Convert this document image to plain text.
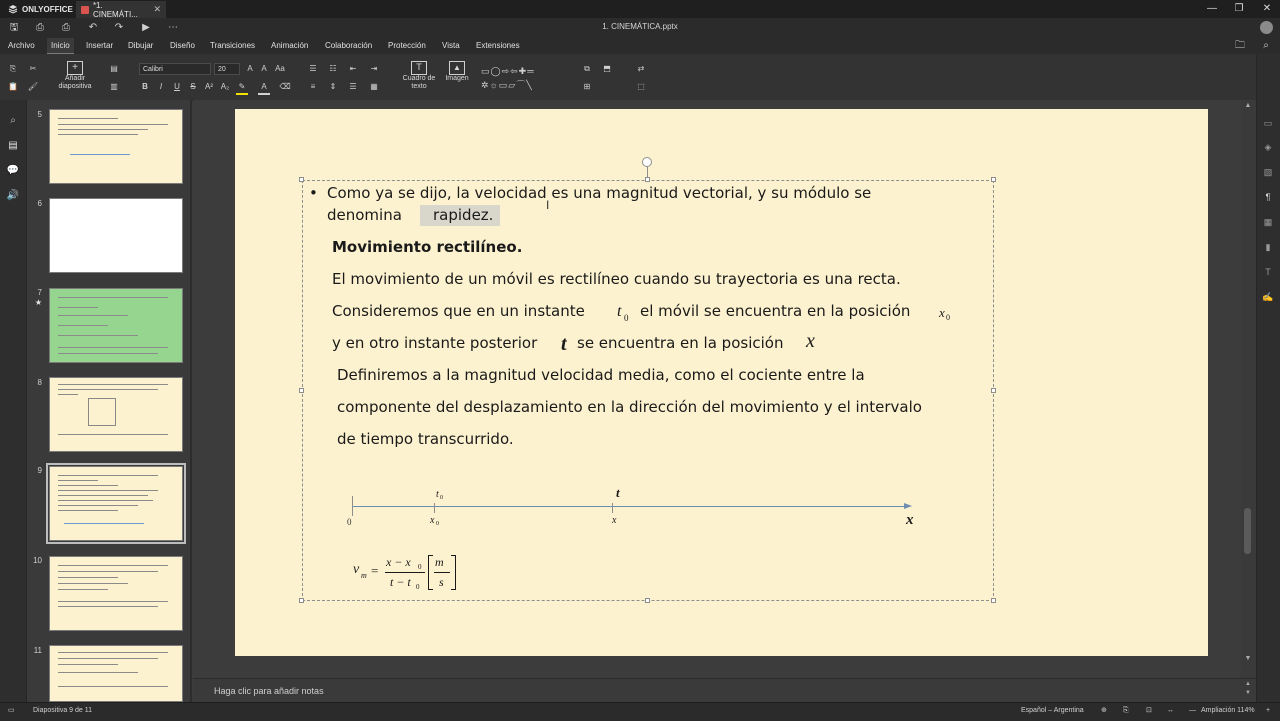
ONLYOFFICE	*1. CINEMÁTI...	✕	—	❐	✕
🖫	⎙	⎙	↶ ↷	▶	⋯	1. CINEMÁTICA.pptx
Archivo	Inicio	Insertar Dibujar Diseño Transiciones Animación Colaboración Protección Vista Extensiones	🗀	⌕
⎘	✂
📋 🖌
+
Añadir
diapositiva
▤
▥
Calibri	20	A	A	Aa
B	I	U	S	A² A₂	✎	A	⌫
☰	☷	⇤	⇥
≡	⇕	☰	▦
T
Cuadro de
texto
▲
Imagen
▭◯⇨⇦✚═
✲☼▭▱⌒╲
⧉	⬒
⊞
⇄
⬚
⌕
▤
💬
🔊
5
6
7
★
8
9
10
11
• Como ya se dijo, la velocidad es una magnitud vectorial, y su módulo se
denomina rapidez.
I
Movimiento rectilíneo.
El movimiento de un móvil es rectilíneo cuando su trayectoria es una recta.
Consideremos que en un instante t 0 el móvil se encuentra en la posición x 0
y en otro instante posterior t se encuentra en la posición x
Definiremos a la magnitud velocidad media, como el cociente entre la
componente del desplazamiento en la dirección del movimiento y el intervalo
de tiempo transcurrido.
0	x 0	x
t 0	t
x
v m =
x − x 0
t − t 0
m
s
▲
▼
▭
◈
▧
¶
▦
▮
T
✍
Haga clic para añadir notas
▲
▼
▭	Diapositiva 9 de 11	Español – Argentina ⊕ ⎘ ⊡ ↔ — Ampliación 114% +
